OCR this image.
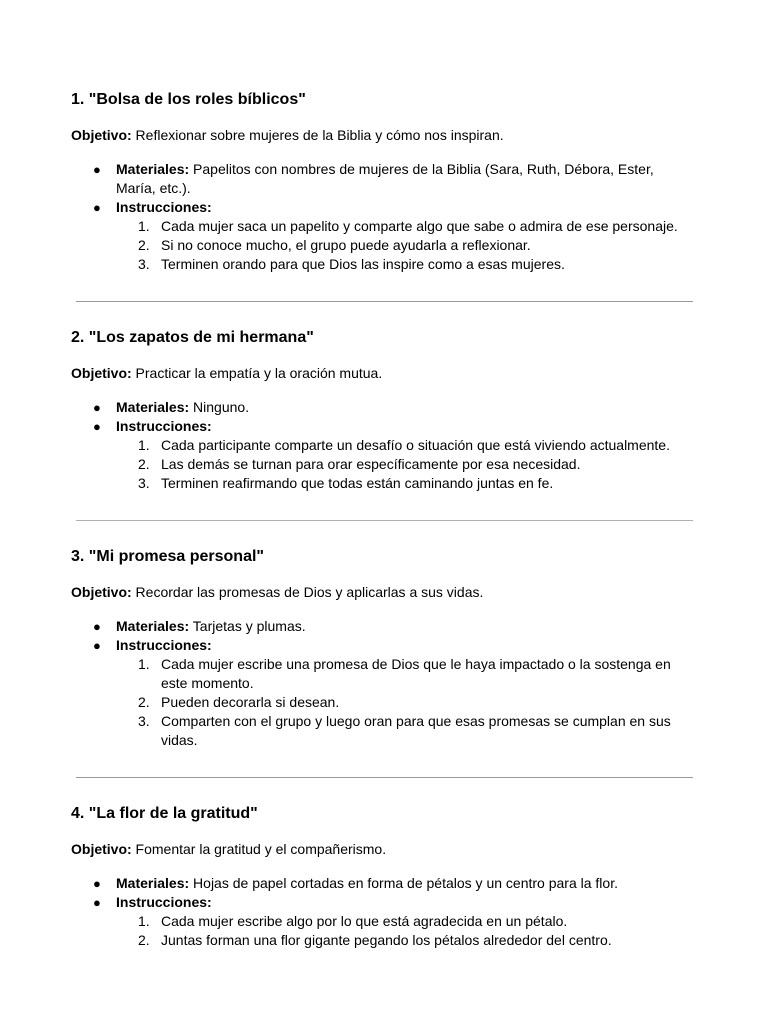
1. "Bolsa de los roles bíblicos"

Objetivo: Reflexionar sobre mujeres de la Biblia y cómo nos inspiran.

● Materiales: Papelitos con nombres de mujeres de la Biblia (Sara, Ruth, Débora, Ester, María, etc.).
● Instrucciones:
1. Cada mujer saca un papelito y comparte algo que sabe o admira de ese personaje.
2. Si no conoce mucho, el grupo puede ayudarla a reflexionar.
3. Terminen orando para que Dios las inspire como a esas mujeres.
2. "Los zapatos de mi hermana"

Objetivo: Practicar la empatía y la oración mutua.

● Materiales: Ninguno.
● Instrucciones:
1. Cada participante comparte un desafío o situación que está viviendo actualmente.
2. Las demás se turnan para orar específicamente por esa necesidad.
3. Terminen reafirmando que todas están caminando juntas en fe.
3. "Mi promesa personal"

Objetivo: Recordar las promesas de Dios y aplicarlas a sus vidas.

● Materiales: Tarjetas y plumas.
● Instrucciones:
1. Cada mujer escribe una promesa de Dios que le haya impactado o la sostenga en este momento.
2. Pueden decorarla si desean.
3. Comparten con el grupo y luego oran para que esas promesas se cumplan en sus vidas.
4. "La flor de la gratitud"

Objetivo: Fomentar la gratitud y el compañerismo.

● Materiales: Hojas de papel cortadas en forma de pétalos y un centro para la flor.
● Instrucciones:
1. Cada mujer escribe algo por lo que está agradecida en un pétalo.
2. Juntas forman una flor gigante pegando los pétalos alrededor del centro.
